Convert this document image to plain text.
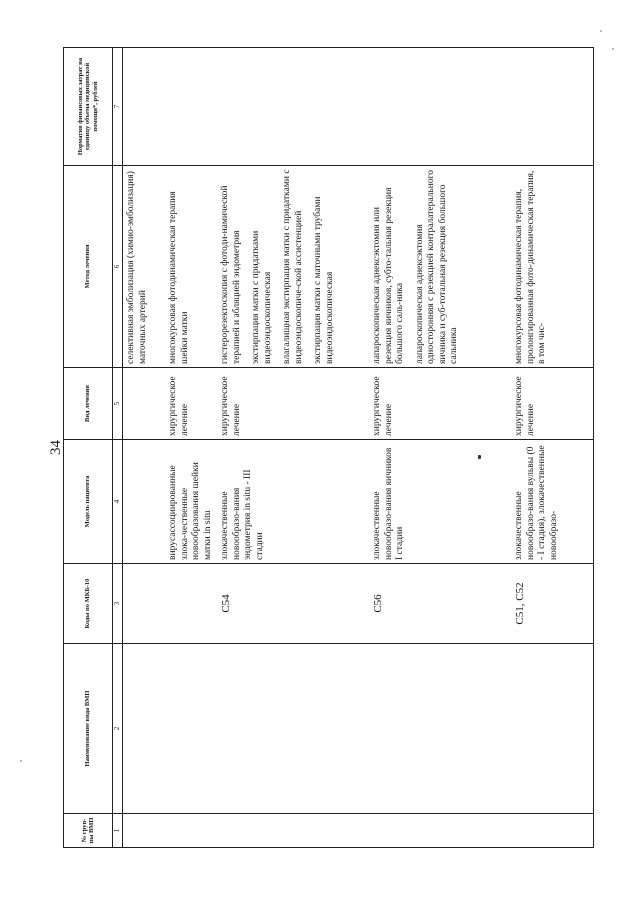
34
№ груп-пы ВМП	Наименование вида ВМП	Коды по МКБ-10	Модель пациента	Вид лечения	Метод лечения	Норматив финансовых затрат на единицу объема медицинской помощи*, рублей
1	2	3	4	5	6	7

					селективная эмболизация (химио-эмболизация) маточных артерий	

			вирусассоциированные злока-чественные новообразования шейки матки in situ	хирургическое лечение	многокурсовая фотодинамическая терапия шейки матки	

		C54	злокачественные новообразо-вания эндометрия in situ - III стадии	хирургическое лечение	гистерорезектоскопия с фотоди-намической терапией и абляцией эндометрия экстирпация матки с придатками видеоэндоскопическая влагалищная экстирпация матки с придатками с видеоэндоскопиче-ской ассистенцией экстирпация матки с маточными трубами видеоэндоскопическая	

		C56	злокачественные новообразо-вания яичников I стадии	хирургическое лечение	лапароскопическая аднексэктомия или резекция яичников, субто-тальная резекция большого саль-ника лапароскопическая аднексэктомия односторонняя с резекцией контралатерального яичника и суб-тотальная резекция большого сальника	

		C51, C52	злокачественные новообразо-вания вульвы (0 - I стадия), злокачественные новообразо-	хирургическое лечение	многокурсовая фотодинамическая терапия, пролонгированная фото-динамическая терапия, в том чис-	
